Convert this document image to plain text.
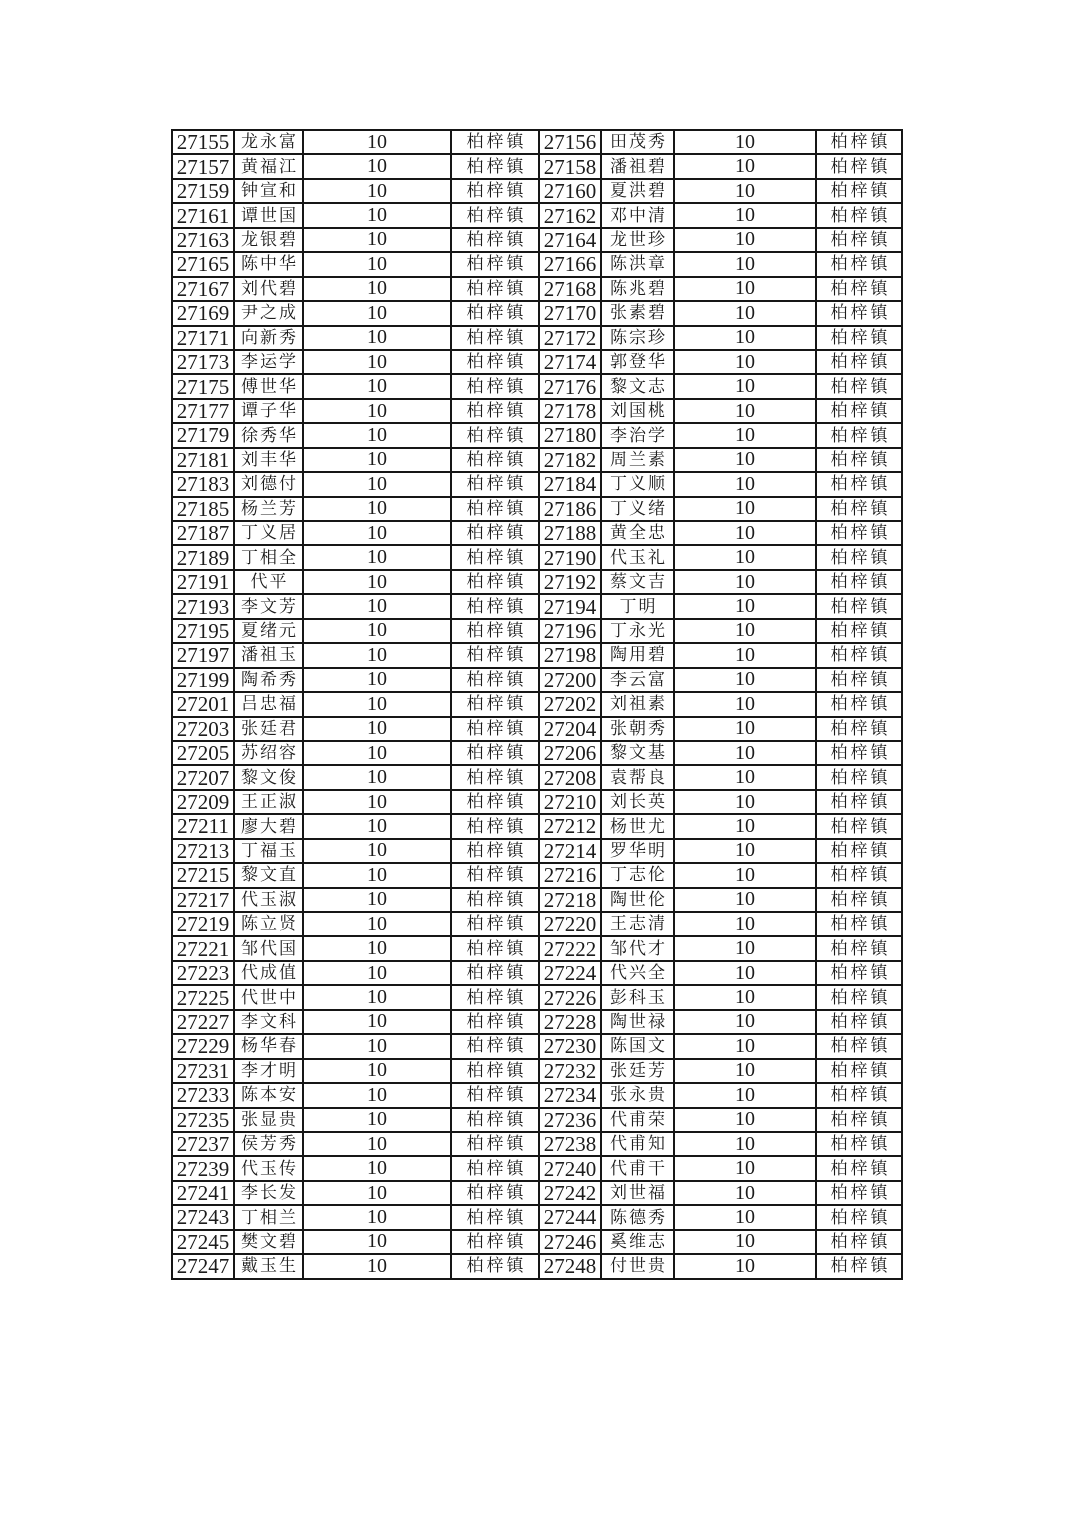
27155	龙永富	10	柏梓镇	27156	田茂秀	10	柏梓镇
27157	黄福江	10	柏梓镇	27158	潘祖碧	10	柏梓镇
27159	钟宣和	10	柏梓镇	27160	夏洪碧	10	柏梓镇
27161	谭世国	10	柏梓镇	27162	邓中清	10	柏梓镇
27163	龙银碧	10	柏梓镇	27164	龙世珍	10	柏梓镇
27165	陈中华	10	柏梓镇	27166	陈洪章	10	柏梓镇
27167	刘代碧	10	柏梓镇	27168	陈兆碧	10	柏梓镇
27169	尹之成	10	柏梓镇	27170	张素碧	10	柏梓镇
27171	向新秀	10	柏梓镇	27172	陈宗珍	10	柏梓镇
27173	李运学	10	柏梓镇	27174	郭登华	10	柏梓镇
27175	傅世华	10	柏梓镇	27176	黎文志	10	柏梓镇
27177	谭子华	10	柏梓镇	27178	刘国桃	10	柏梓镇
27179	徐秀华	10	柏梓镇	27180	李治学	10	柏梓镇
27181	刘丰华	10	柏梓镇	27182	周兰素	10	柏梓镇
27183	刘德付	10	柏梓镇	27184	丁义顺	10	柏梓镇
27185	杨兰芳	10	柏梓镇	27186	丁义绪	10	柏梓镇
27187	丁义居	10	柏梓镇	27188	黄全忠	10	柏梓镇
27189	丁相全	10	柏梓镇	27190	代玉礼	10	柏梓镇
27191	代平	10	柏梓镇	27192	蔡文吉	10	柏梓镇
27193	李文芳	10	柏梓镇	27194	丁明	10	柏梓镇
27195	夏绪元	10	柏梓镇	27196	丁永光	10	柏梓镇
27197	潘祖玉	10	柏梓镇	27198	陶用碧	10	柏梓镇
27199	陶希秀	10	柏梓镇	27200	李云富	10	柏梓镇
27201	吕忠福	10	柏梓镇	27202	刘祖素	10	柏梓镇
27203	张廷君	10	柏梓镇	27204	张朝秀	10	柏梓镇
27205	苏绍容	10	柏梓镇	27206	黎文基	10	柏梓镇
27207	黎文俊	10	柏梓镇	27208	袁帮良	10	柏梓镇
27209	王正淑	10	柏梓镇	27210	刘长英	10	柏梓镇
27211	廖大碧	10	柏梓镇	27212	杨世尤	10	柏梓镇
27213	丁福玉	10	柏梓镇	27214	罗华明	10	柏梓镇
27215	黎文直	10	柏梓镇	27216	丁志伦	10	柏梓镇
27217	代玉淑	10	柏梓镇	27218	陶世伦	10	柏梓镇
27219	陈立贤	10	柏梓镇	27220	王志清	10	柏梓镇
27221	邹代国	10	柏梓镇	27222	邹代才	10	柏梓镇
27223	代成值	10	柏梓镇	27224	代兴全	10	柏梓镇
27225	代世中	10	柏梓镇	27226	彭科玉	10	柏梓镇
27227	李文科	10	柏梓镇	27228	陶世禄	10	柏梓镇
27229	杨华春	10	柏梓镇	27230	陈国文	10	柏梓镇
27231	李才明	10	柏梓镇	27232	张廷芳	10	柏梓镇
27233	陈本安	10	柏梓镇	27234	张永贵	10	柏梓镇
27235	张显贵	10	柏梓镇	27236	代甫荣	10	柏梓镇
27237	侯芳秀	10	柏梓镇	27238	代甫知	10	柏梓镇
27239	代玉传	10	柏梓镇	27240	代甫干	10	柏梓镇
27241	李长发	10	柏梓镇	27242	刘世福	10	柏梓镇
27243	丁相兰	10	柏梓镇	27244	陈德秀	10	柏梓镇
27245	樊文碧	10	柏梓镇	27246	奚维志	10	柏梓镇
27247	戴玉生	10	柏梓镇	27248	付世贵	10	柏梓镇
